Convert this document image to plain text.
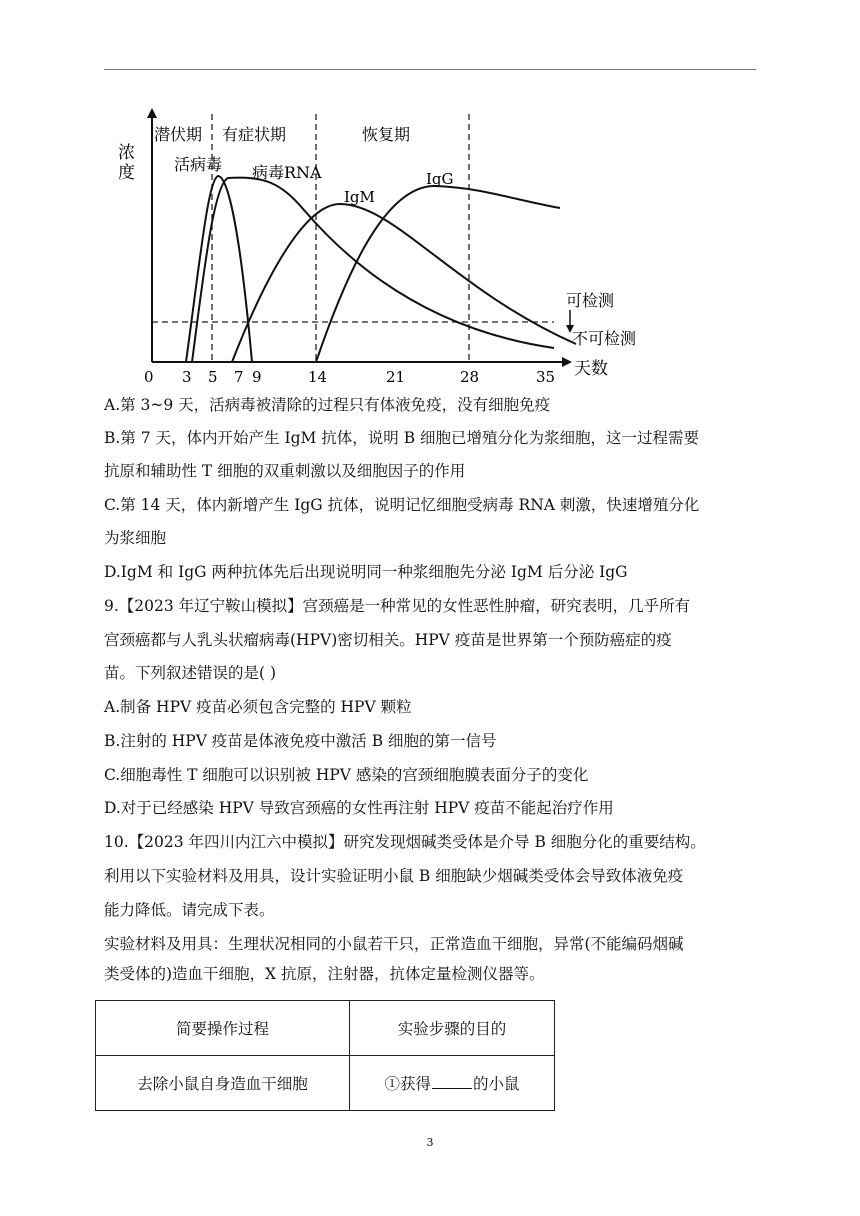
浓
度
潜伏期 有症状期	恢复期
活病毒 病毒RNA
IgM
IgG
可检测
不可检测
0 3 5 7 9	14	21	28	35 天数
A.第 3~9 天，活病毒被清除的过程只有体液免疫，没有细胞免疫
B.第 7 天，体内开始产生 IgM 抗体，说明 B 细胞已增殖分化为浆细胞，这一过程需要
抗原和辅助性 T 细胞的双重刺激以及细胞因子的作用
C.第 14 天，体内新增产生 IgG 抗体，说明记忆细胞受病毒 RNA 刺激，快速增殖分化
为浆细胞
D.IgM 和 IgG 两种抗体先后出现说明同一种浆细胞先分泌 IgM 后分泌 IgG
9.【2023 年辽宁鞍山模拟】宫颈癌是一种常见的女性恶性肿瘤，研究表明，几乎所有
宫颈癌都与人乳头状瘤病毒(HPV)密切相关。HPV 疫苗是世界第一个预防癌症的疫
苗。下列叙述错误的是( )
A.制备 HPV 疫苗必须包含完整的 HPV 颗粒
B.注射的 HPV 疫苗是体液免疫中激活 B 细胞的第一信号
C.细胞毒性 T 细胞可以识别被 HPV 感染的宫颈细胞膜表面分子的变化
D.对于已经感染 HPV 导致宫颈癌的女性再注射 HPV 疫苗不能起治疗作用
10.【2023 年四川内江六中模拟】研究发现烟碱类受体是介导 B 细胞分化的重要结构。
利用以下实验材料及用具，设计实验证明小鼠 B 细胞缺少烟碱类受体会导致体液免疫
能力降低。请完成下表。
实验材料及用具：生理状况相同的小鼠若干只，正常造血干细胞，异常(不能编码烟碱
简要操作过程	实验步骤的目的
去除小鼠自身造血干细胞	①获得 的小鼠
类受体的)造血干细胞，X 抗原，注射器，抗体定量检测仪器等。
3
